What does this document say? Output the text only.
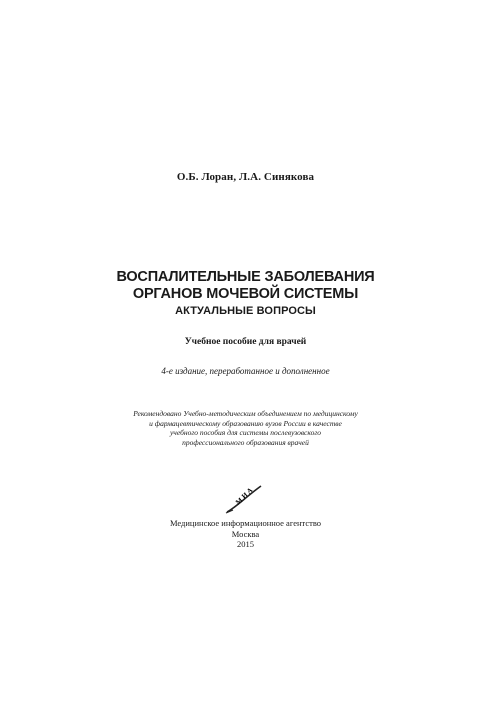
О.Б. Лоран, Л.А. Синякова
ВОСПАЛИТЕЛЬНЫЕ ЗАБОЛЕВАНИЯ
ОРГАНОВ МОЧЕВОЙ СИСТЕМЫ
АКТУАЛЬНЫЕ ВОПРОСЫ
Учебное пособие для врачей
4-е издание, переработанное и дополненное
Рекомендовано Учебно-методическим объединением по медицинскому
и фармацевтическому образованию вузов России в качестве
учебного пособия для системы послевузовского
профессионального образования врачей
М
И
А
Медицинское информационное агентство
Москва
2015
